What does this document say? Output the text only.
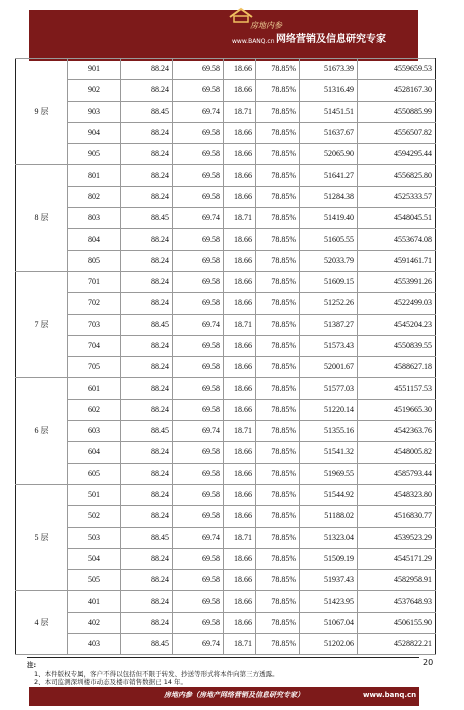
房地内参
www.BANQ.cn 网络营销及信息研究专家
9 层	901	88.24	69.58	18.66	78.85%	51673.39	4559659.53
	902	88.24	69.58	18.66	78.85%	51316.49	4528167.30
	903	88.45	69.74	18.71	78.85%	51451.51	4550885.99
	904	88.24	69.58	18.66	78.85%	51637.67	4556507.82
	905	88.24	69.58	18.66	78.85%	52065.90	4594295.44
8 层	801	88.24	69.58	18.66	78.85%	51641.27	4556825.80
	802	88.24	69.58	18.66	78.85%	51284.38	4525333.57
	803	88.45	69.74	18.71	78.85%	51419.40	4548045.51
	804	88.24	69.58	18.66	78.85%	51605.55	4553674.08
	805	88.24	69.58	18.66	78.85%	52033.79	4591461.71
7 层	701	88.24	69.58	18.66	78.85%	51609.15	4553991.26
	702	88.24	69.58	18.66	78.85%	51252.26	4522499.03
	703	88.45	69.74	18.71	78.85%	51387.27	4545204.23
	704	88.24	69.58	18.66	78.85%	51573.43	4550839.55
	705	88.24	69.58	18.66	78.85%	52001.67	4588627.18
6 层	601	88.24	69.58	18.66	78.85%	51577.03	4551157.53
	602	88.24	69.58	18.66	78.85%	51220.14	4519665.30
	603	88.45	69.74	18.71	78.85%	51355.16	4542363.76
	604	88.24	69.58	18.66	78.85%	51541.32	4548005.82
	605	88.24	69.58	18.66	78.85%	51969.55	4585793.44
5 层	501	88.24	69.58	18.66	78.85%	51544.92	4548323.80
	502	88.24	69.58	18.66	78.85%	51188.02	4516830.77
	503	88.45	69.74	18.71	78.85%	51323.04	4539523.29
	504	88.24	69.58	18.66	78.85%	51509.19	4545171.29
	505	88.24	69.58	18.66	78.85%	51937.43	4582958.91
4 层	401	88.24	69.58	18.66	78.85%	51423.95	4537648.93
	402	88.24	69.58	18.66	78.85%	51067.04	4506155.90
	403	88.45	69.74	18.71	78.85%	51202.06	4528822.21
注:
1、本件版权专属，客户不得以包括但不限于转发、抄送等形式将本件向第三方透露。
2、本司监测深圳楼市动态及楼市销售数据已 14 年。
20
房地内参（房地产网络营销及信息研究专家）	www.banq.cn
